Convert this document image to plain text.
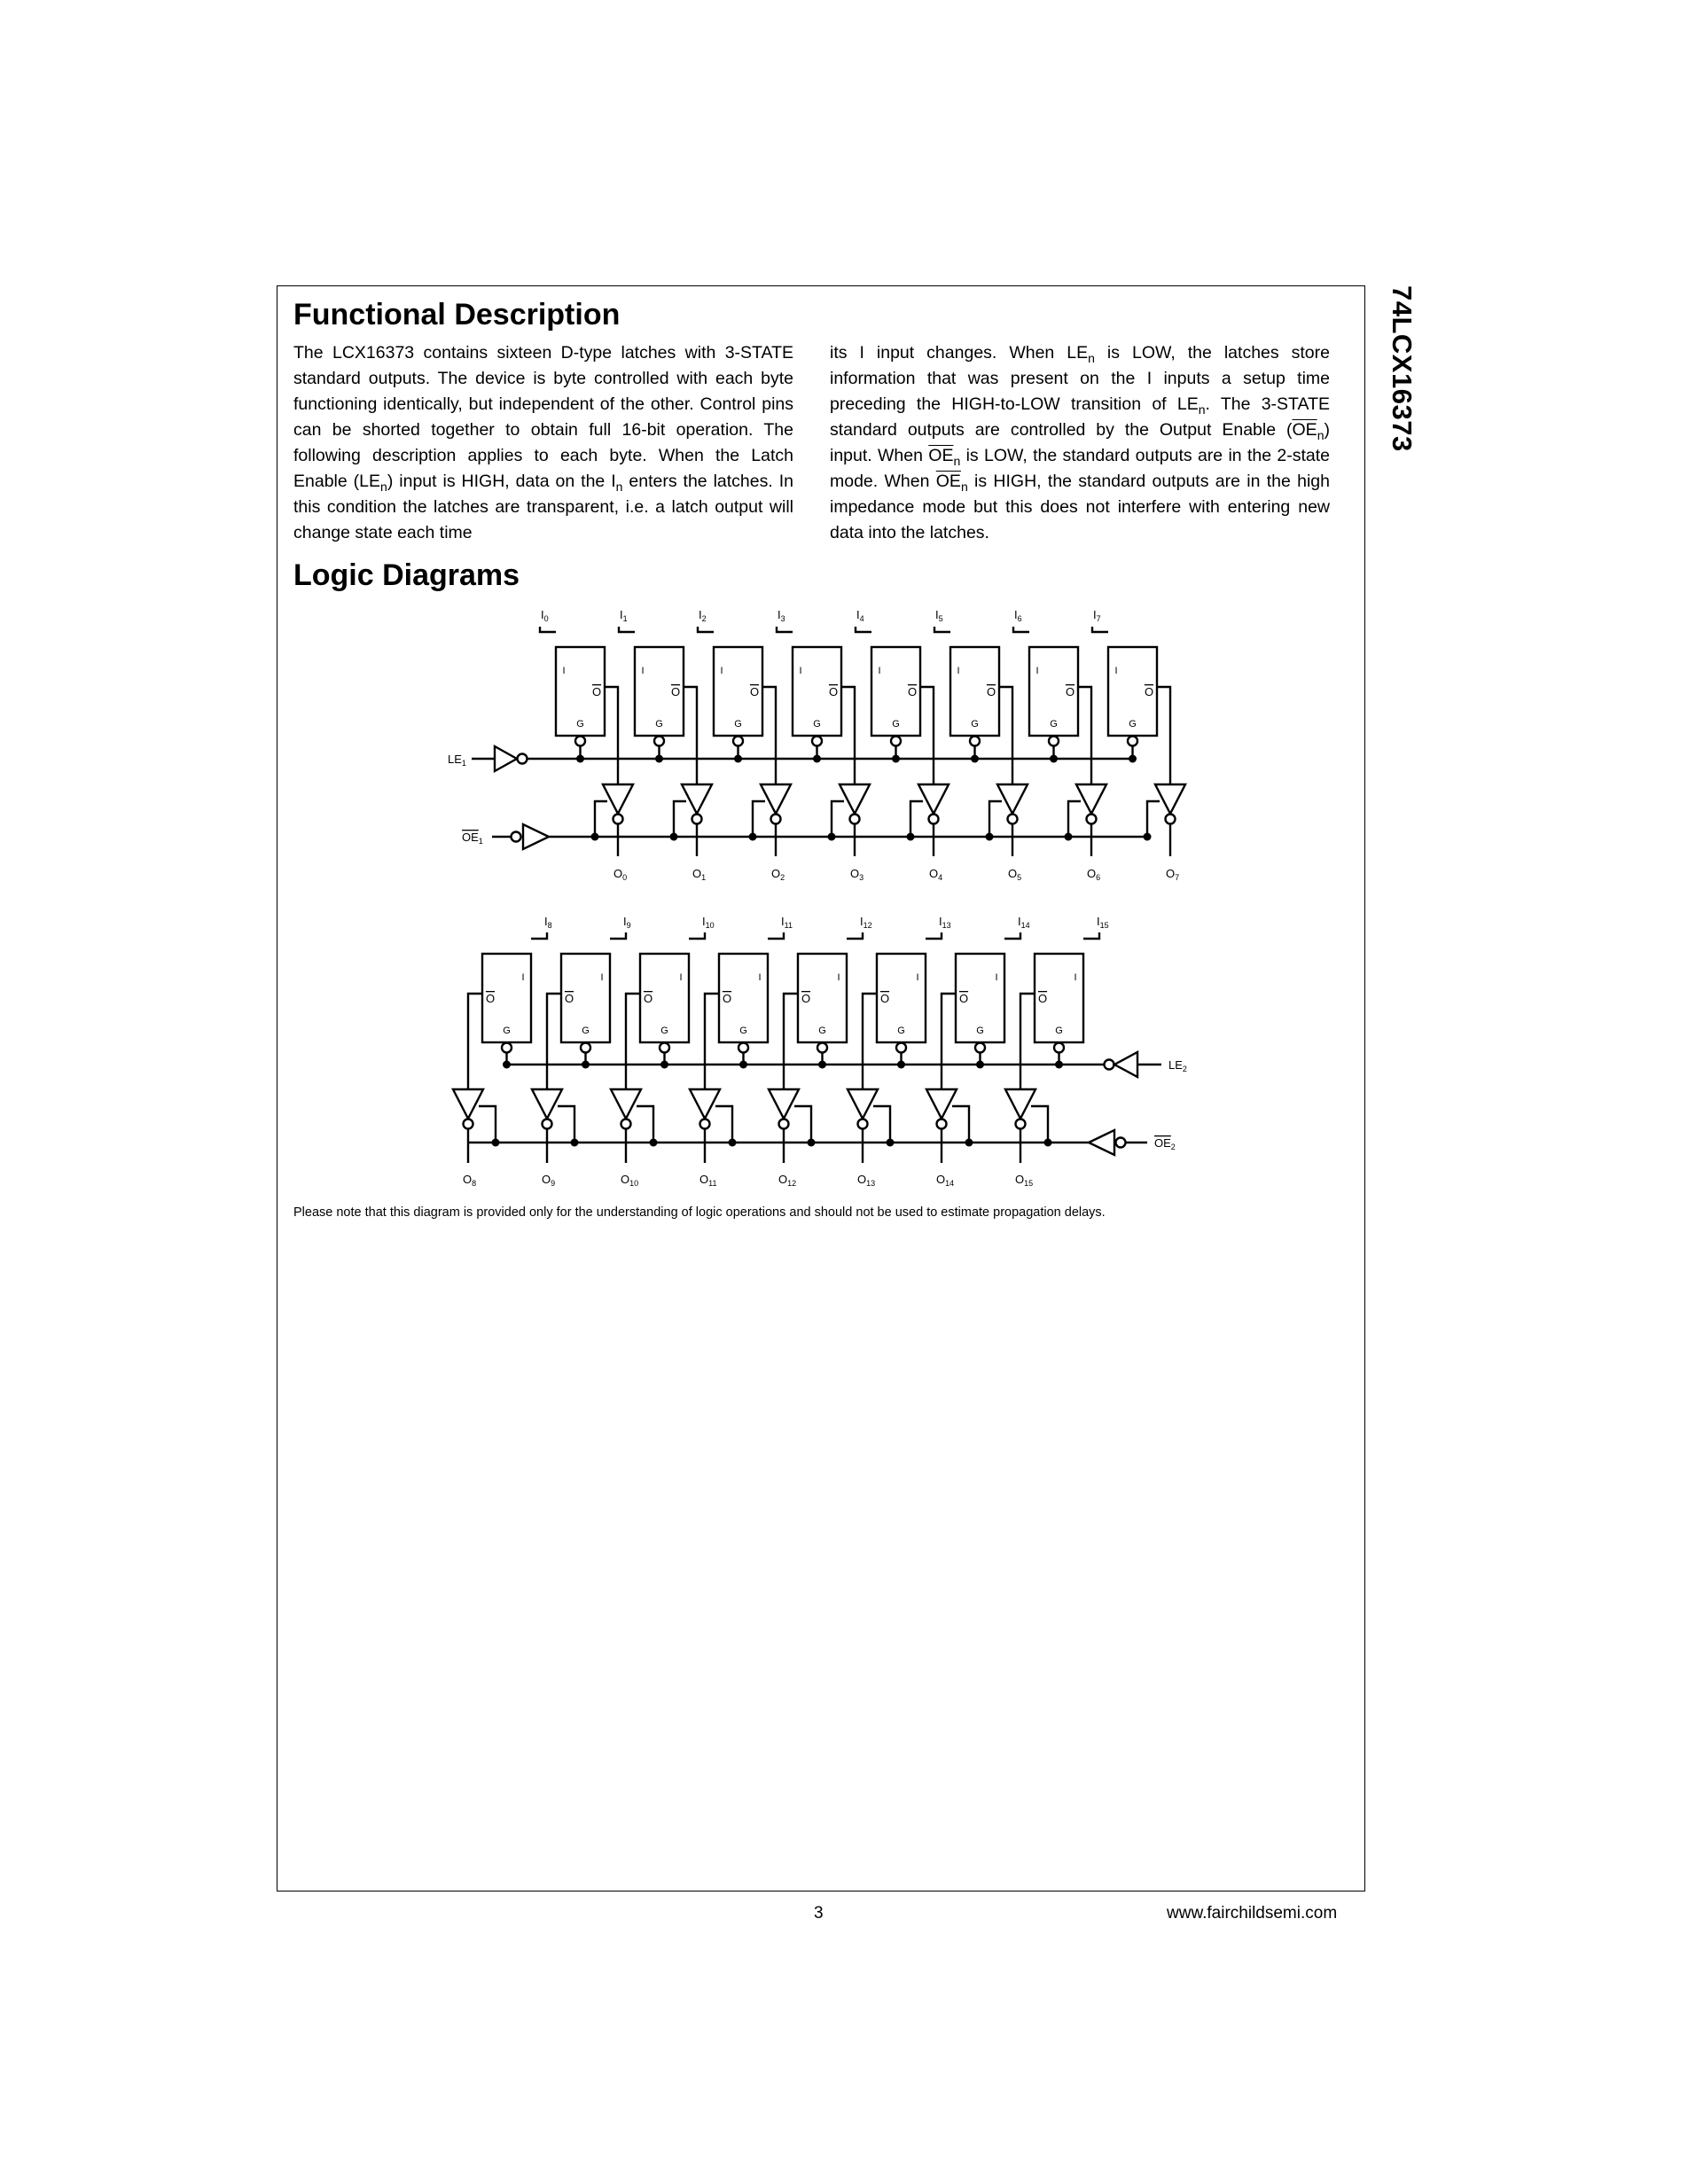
74LCX16373
Functional Description

The LCX16373 contains sixteen D-type latches with 3-STATE standard outputs. The device is byte controlled with each byte functioning identically, but independent of the other. Control pins can be shorted together to obtain full 16-bit operation. The following description applies to each byte. When the Latch Enable $(LE_n)$ input is HIGH, data on the $I_n$ enters the latches. In this condition the latches are transparent, i.e. a latch output will change state each time

its I input changes. When $LE_n$ is LOW, the latches store information that was present on the I inputs a setup time preceding the HIGH-to-LOW transition of $LE_n$. The 3-STATE standard outputs are controlled by the Output Enable $(\overline{OE}_n)$ input. When $\overline{OE}_n$ is LOW, the standard outputs are in the 2-state mode. When $\overline{OE}_n$ is HIGH, the standard outputs are in the high impedance mode but this does not interfere with entering new data into the latches.

Logic Diagrams
$I_0$
I
O
G
$O_0$
$I_1$
I
O
G
$O_1$
$I_2$
I
O
G
$O_2$
$I_3$
I
O
G
$O_3$
$I_4$
I
O
G
$O_4$
$I_5$
I
O
G
$O_5$
$I_6$
I
O
G
$O_6$
$I_7$
I
O
G
$O_7$
$LE_1$
$OE_1$
$I_8$
I
O
G
$O_8$
$I_9$
I
O
G
$O_9$
$I_{10}$
I
O
G
$O_{10}$
$I_{11}$
I
O
G
$O_{11}$
$I_{12}$
I
O
G
$O_{12}$
$I_{13}$
I
O
G
$O_{13}$
$I_{14}$
I
O
G
$O_{14}$
$I_{15}$
I
O
G
$O_{15}$
$LE_2$
$OE_2$
Please note that this diagram is provided only for the understanding of logic operations and should not be used to estimate propagation delays.
3	www.fairchildsemi.com
